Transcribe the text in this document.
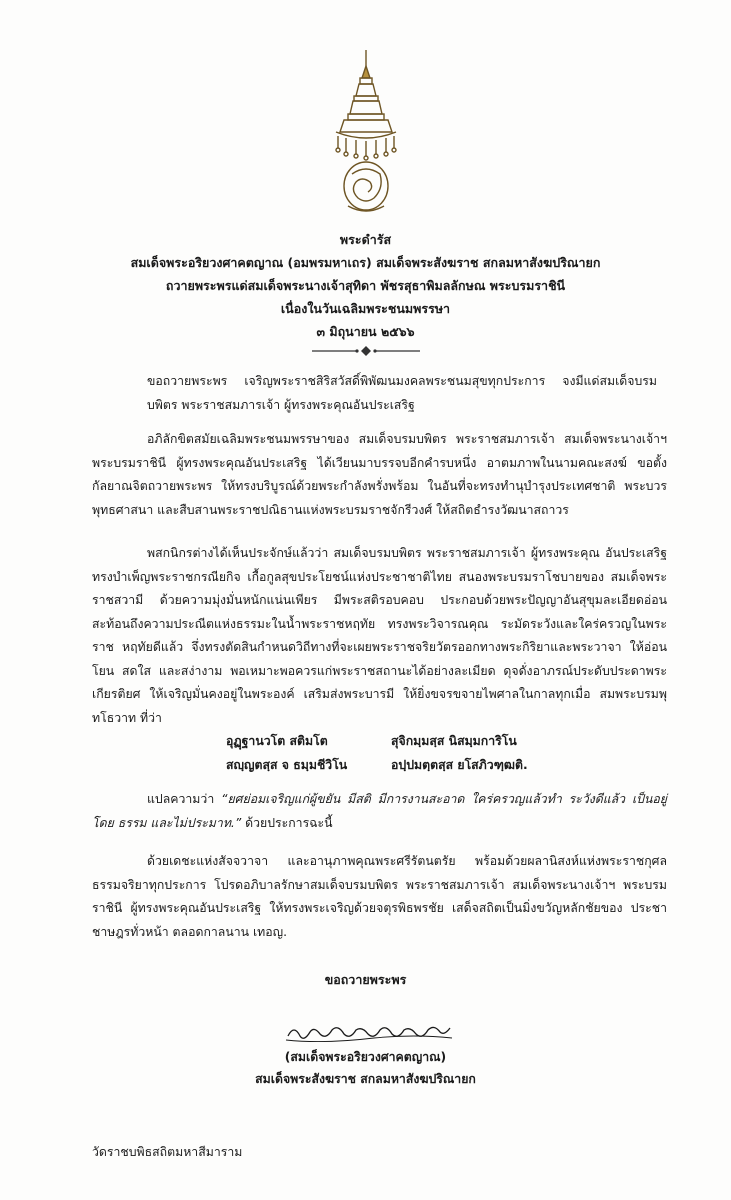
พระดำรัส
สมเด็จพระอริยวงศาคตญาณ (อมพรมหาเถร) สมเด็จพระสังฆราช สกลมหาสังฆปริณายก
ถวายพระพรแด่สมเด็จพระนางเจ้าสุทิดา พัชรสุธาพิมลลักษณ พระบรมราชินี
เนื่องในวันเฉลิมพระชนมพรรษา
๓ มิถุนายน ๒๕๖๖

ขอถวายพระพร เจริญพระราชสิริสวัสดิ์พิพัฒนมงคลพระชนมสุขทุกประการ จงมีแด่สมเด็จบรมบพิตร พระราชสมภารเจ้า ผู้ทรงพระคุณอันประเสริฐ

อภิลักขิตสมัยเฉลิมพระชนมพรรษาของ สมเด็จบรมบพิตร พระราชสมภารเจ้า สมเด็จพระนางเจ้าฯ พระบรมราชินี ผู้ทรงพระคุณอันประเสริฐ ได้เวียนมาบรรจบอีกคำรบหนึ่ง อาตมภาพในนามคณะสงฆ์ ขอตั้งกัลยาณจิตถวายพระพร ให้ทรงบริบูรณ์ด้วยพระกำลังพรั่งพร้อม ในอันที่จะทรงทำนุบำรุงประเทศชาติ พระบวรพุทธศาสนา และสืบสานพระราชปณิธานแห่งพระบรมราชจักรีวงศ์ ให้สถิตธำรงวัฒนาสถาวร

พสกนิกรต่างได้เห็นประจักษ์แล้วว่า สมเด็จบรมบพิตร พระราชสมภารเจ้า ผู้ทรงพระคุณ อันประเสริฐ ทรงบำเพ็ญพระราชกรณียกิจ เกื้อกูลสุขประโยชน์แห่งประชาชาติไทย สนองพระบรมราโชบายของ สมเด็จพระราชสวามี ด้วยความมุ่งมั่นหนักแน่นเพียร มีพระสติรอบคอบ ประกอบด้วยพระปัญญาอันสุขุมละเอียดอ่อน สะท้อนถึงความประณีตแห่งธรรมะในน้ำพระราชหฤทัย ทรงพระวิจารณคุณ ระมัดระวังและใคร่ครวญในพระราช หฤทัยดีแล้ว จึ่งทรงตัดสินกำหนดวิถีทางที่จะเผยพระราชจริยวัตรออกทางพระกิริยาและพระวาจา ให้อ่อนโยน สดใส และสง่างาม พอเหมาะพอควรแก่พระราชสถานะได้อย่างละเมียด ดุจดั่งอาภรณ์ประดับประดาพระเกียรติยศ ให้เจริญมั่นคงอยู่ในพระองค์ เสริมส่งพระบารมี ให้ยิ่งขจรขจายไพศาลในกาลทุกเมื่อ สมพระบรมพุทโธวาท ที่ว่า

อุฏฺฐานวโต สติมโต	สุจิกมฺมสฺส นิสมฺมการิโน
สญฺญตสฺส จ ธมฺมชีวิโน	อปฺปมตฺตสฺส ยโสภิวฑฺฒติ.

แปลความว่า “ยศย่อมเจริญแก่ผู้ขยัน มีสติ มีการงานสะอาด ใคร่ครวญแล้วทำ ระวังดีแล้ว เป็นอยู่โดย ธรรม และไม่ประมาท.” ด้วยประการฉะนี้

ด้วยเดชะแห่งสัจจวาจา และอานุภาพคุณพระศรีรัตนตรัย พร้อมด้วยผลานิสงห์แห่งพระราชกุศล ธรรมจริยาทุกประการ โปรดอภิบาลรักษาสมเด็จบรมบพิตร พระราชสมภารเจ้า สมเด็จพระนางเจ้าฯ พระบรม ราชินี ผู้ทรงพระคุณอันประเสริฐ ให้ทรงพระเจริญด้วยจตุรพิธพรชัย เสด็จสถิตเป็นมิ่งขวัญหลักชัยของ ประชาชาษฎรทั่วหน้า ตลอดกาลนาน เทอญ.

ขอถวายพระพร
(สมเด็จพระอริยวงศาคตญาณ)
สมเด็จพระสังฆราช สกลมหาสังฆปริณายก
วัดราชบพิธสถิตมหาสีมาราม
